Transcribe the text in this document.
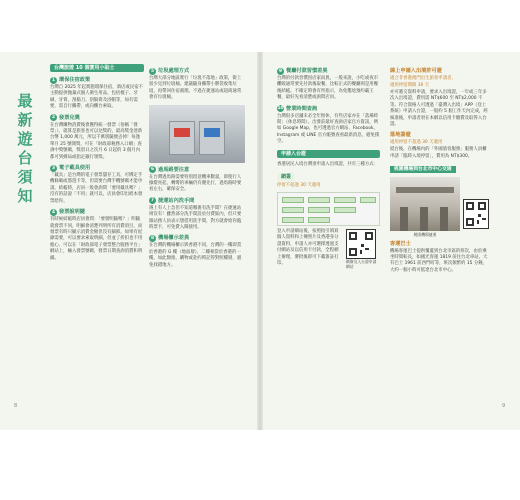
最
新
遊
台
須
知
台灣旅遊 10 個實用小貼士
1 環保住宿政策

台灣自 2025 年起實施環保住宿，酒店或民宿不主動提供抛棄式個人衛生用品，包括梳子、牙刷、牙膏、刮鬍刀、刮鬍膏及浴帽等，如有需要，需自行攜帶，或向櫃台索取。

2 發票兌獎

在台灣購物消費後會獲得統一發票（俗稱「發票」），就算是旅客也可以兌獎的，最高獎金達新台幣 1,000 萬元，所以千萬別隨便丟掉！每逢單月 25 號開獎，可在「財政部稅務入口網」查詢中獎號碼，獎項日之次月 6 日起的 3 個月內都可到郵局或指定銀行領獎。

3 電子載具使用

「載具」是台灣的電子發票儲存工具，可綁定手機條碼或悠遊卡等，但需要台灣手機號碼才能申請。結帳時，店員一般會詢問「要用載具嗎？」沒有的話說「不用」就可以，店員會印出紙本發票給你。

4 發票說明隨

有時候結帳時店員會問：「要發明隨嗎？」明隨就發票不同，明細會清楚列明所有消費項目，而發票有時只顯示消費金額但沒有細節。如果有紀錄需要，可以要求索取明細，但並了折扣也不用擔心，可以在「財政部電子發票整合服務平台」網站上，輸入發票號碼，發票日期查詢消費和明細。

5 垃圾處理方式

台灣大部分地區實行「垃圾不落地」政策，街上很少見到垃圾桶。建議隨身攜帶小膠袋收集垃圾，再帶回住宿處理。不過在捷運站或超商通常會有垃圾桶。

6 過馬路要注意

在台灣過馬路需要特別留意機車數量，即使行人綠燈亮起，轉彎的車輛仍有優先行，過馬路時要看左右，確保安全。

7 捷運站內洗手間

遇上有人上急但不知道哪裏有洗手間？在捷運站則沒有！雖然部分洗手間設於付費區內，但只要跟站務人員表示想借用洗手間，對方就會給你臨時票卡，可免費入閘使用。

8 機場櫃示差異

在台灣的機場櫃示與香港不同，台灣的一樓即當於香港的 G 樓（地面層），二樓相當於香港的一樓，如此類推，購物或赴約時記得對照樓層，避免找錯地方。

9 餐廳付款習慣差異

台灣的付款習慣因店家而異，一般來說，小吃或夜市攤販通常要先付款後取餐，比較正式的餐廳則是用餐後結帳。不確定時會有所指示，為免尷尬預約霸王餐，最好先看清楚或詢問店員。

10 營業時間查詢

台灣很多店舖未必全年無休，有些店家亦在「落場時間」（休息時間）。出發前最好查詢店家官方資訊，例如 Google Map，也可透過官方網站、Facebook、Instagram 或 LINE 官方帳號查看最新消息，避免撲空。

申請入台證

香港居民入境台灣須申請入出境證，共有三種方式：

網簽
停留不超過 30 天適用

登入申請網站後，按照指引填寫個人資料和上傳照片及香港身分證資料，申請人亦可選擇透過支付網站及以信用卡付款，全程網上辦理，審批後即可下載簽証打印。	網簽及入台證申請網站
線上申請入出境許可證
適合非香港澳門出生旅客申請者，
適用停留期限 30 天

亦可遞交資料申請，要求入出境證，一年或三年多次入出境證，費用需 NT$600 至 NT$2,000 不等。符合資格人可透過「臺灣入出境」APP（登上系統）申請入台證，一般約 5 個工作天內完成，經核准後，申請者須在本網以信用卡繳費及取得入台證。

落地簽證
適用停留不超過 30 天適用

抵台後，在機場內的「外國旅客服務」服務人員櫃申請「臨時入境停留」，費用為 NT$300。

桃園機場到台北市中心交通
桃園機場捷運
客運巴士

機場客運巴士提供覆蓋到台北市區的班次，由於乘坐時間較長，如國光客運 1819 前往台北車站，大有巴士 1961 前西門町等，班次頻繁約 15 分鐘，大約一個小時可抵達台北市中心。

8	9
